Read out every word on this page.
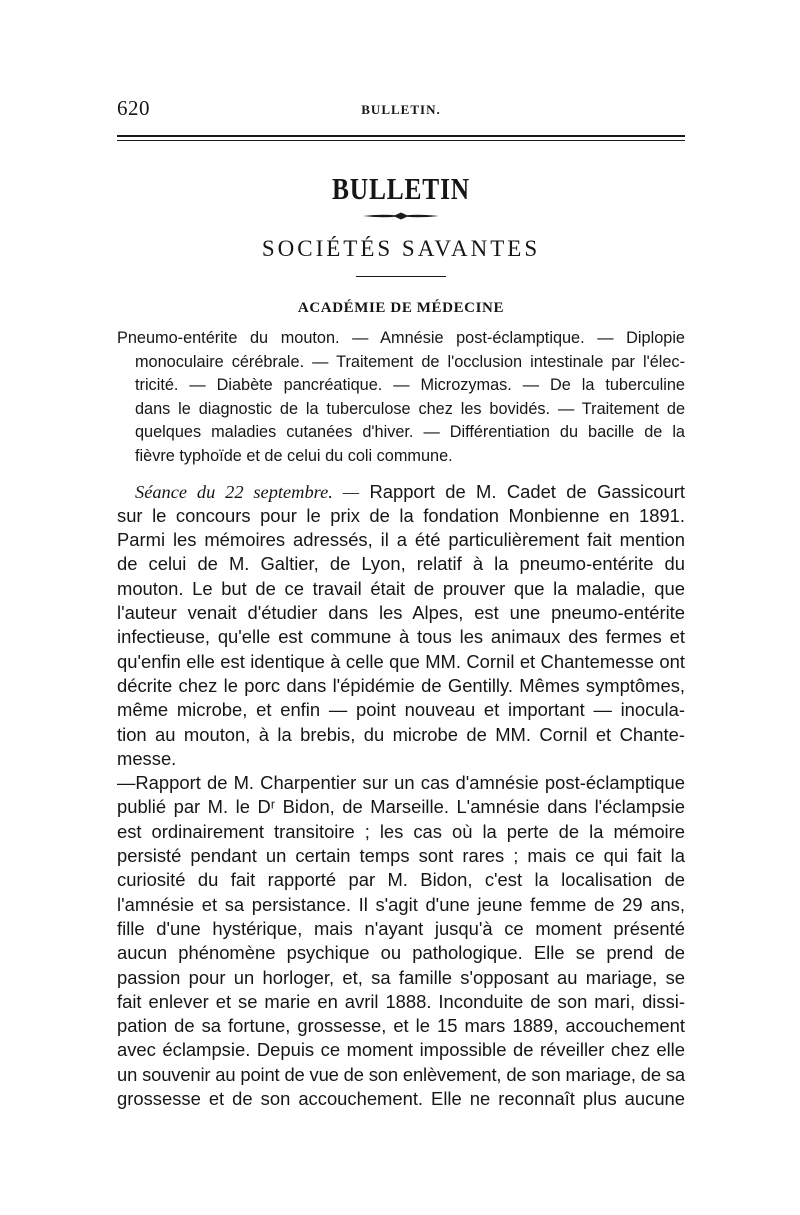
620	BULLETIN.
BULLETIN
SOCIÉTÉS SAVANTES
ACADÉMIE DE MÉDECINE
Pneumo-entérite du mouton. — Amnésie post-éclamptique. — Diplopie
monoculaire cérébrale. — Traitement de l'occlusion intestinale par l'élec-
tricité. — Diabète pancréatique. — Microzymas. — De la tuberculine
dans le diagnostic de la tuberculose chez les bovidés. — Traitement de
quelques maladies cutanées d'hiver. — Différentiation du bacille de la
fièvre typhoïde et de celui du coli commune.
Séance du 22 septembre. — Rapport de M. Cadet de Gassicourt
sur le concours pour le prix de la fondation Monbienne en 1891.
Parmi les mémoires adressés, il a été particulièrement fait mention
de celui de M. Galtier, de Lyon, relatif à la pneumo-entérite du
mouton. Le but de ce travail était de prouver que la maladie, que
l'auteur venait d'étudier dans les Alpes, est une pneumo-entérite
infectieuse, qu'elle est commune à tous les animaux des fermes et
qu'enfin elle est identique à celle que MM. Cornil et Chantemesse ont
décrite chez le porc dans l'épidémie de Gentilly. Mêmes symptômes,
même microbe, et enfin — point nouveau et important — inocula-
tion au mouton, à la brebis, du microbe de MM. Cornil et Chante-
messe.
—Rapport de M. Charpentier sur un cas d'amnésie post-éclamptique
publié par M. le Dʳ Bidon, de Marseille. L'amnésie dans l'éclampsie
est ordinairement transitoire ; les cas où la perte de la mémoire
persisté pendant un certain temps sont rares ; mais ce qui fait la
curiosité du fait rapporté par M. Bidon, c'est la localisation de
l'amnésie et sa persistance. Il s'agit d'une jeune femme de 29 ans,
fille d'une hystérique, mais n'ayant jusqu'à ce moment présenté
aucun phénomène psychique ou pathologique. Elle se prend de
passion pour un horloger, et, sa famille s'opposant au mariage, se
fait enlever et se marie en avril 1888. Inconduite de son mari, dissi-
pation de sa fortune, grossesse, et le 15 mars 1889, accouchement
avec éclampsie. Depuis ce moment impossible de réveiller chez elle
un souvenir au point de vue de son enlèvement, de son mariage, de sa
grossesse et de son accouchement. Elle ne reconnaît plus aucune
